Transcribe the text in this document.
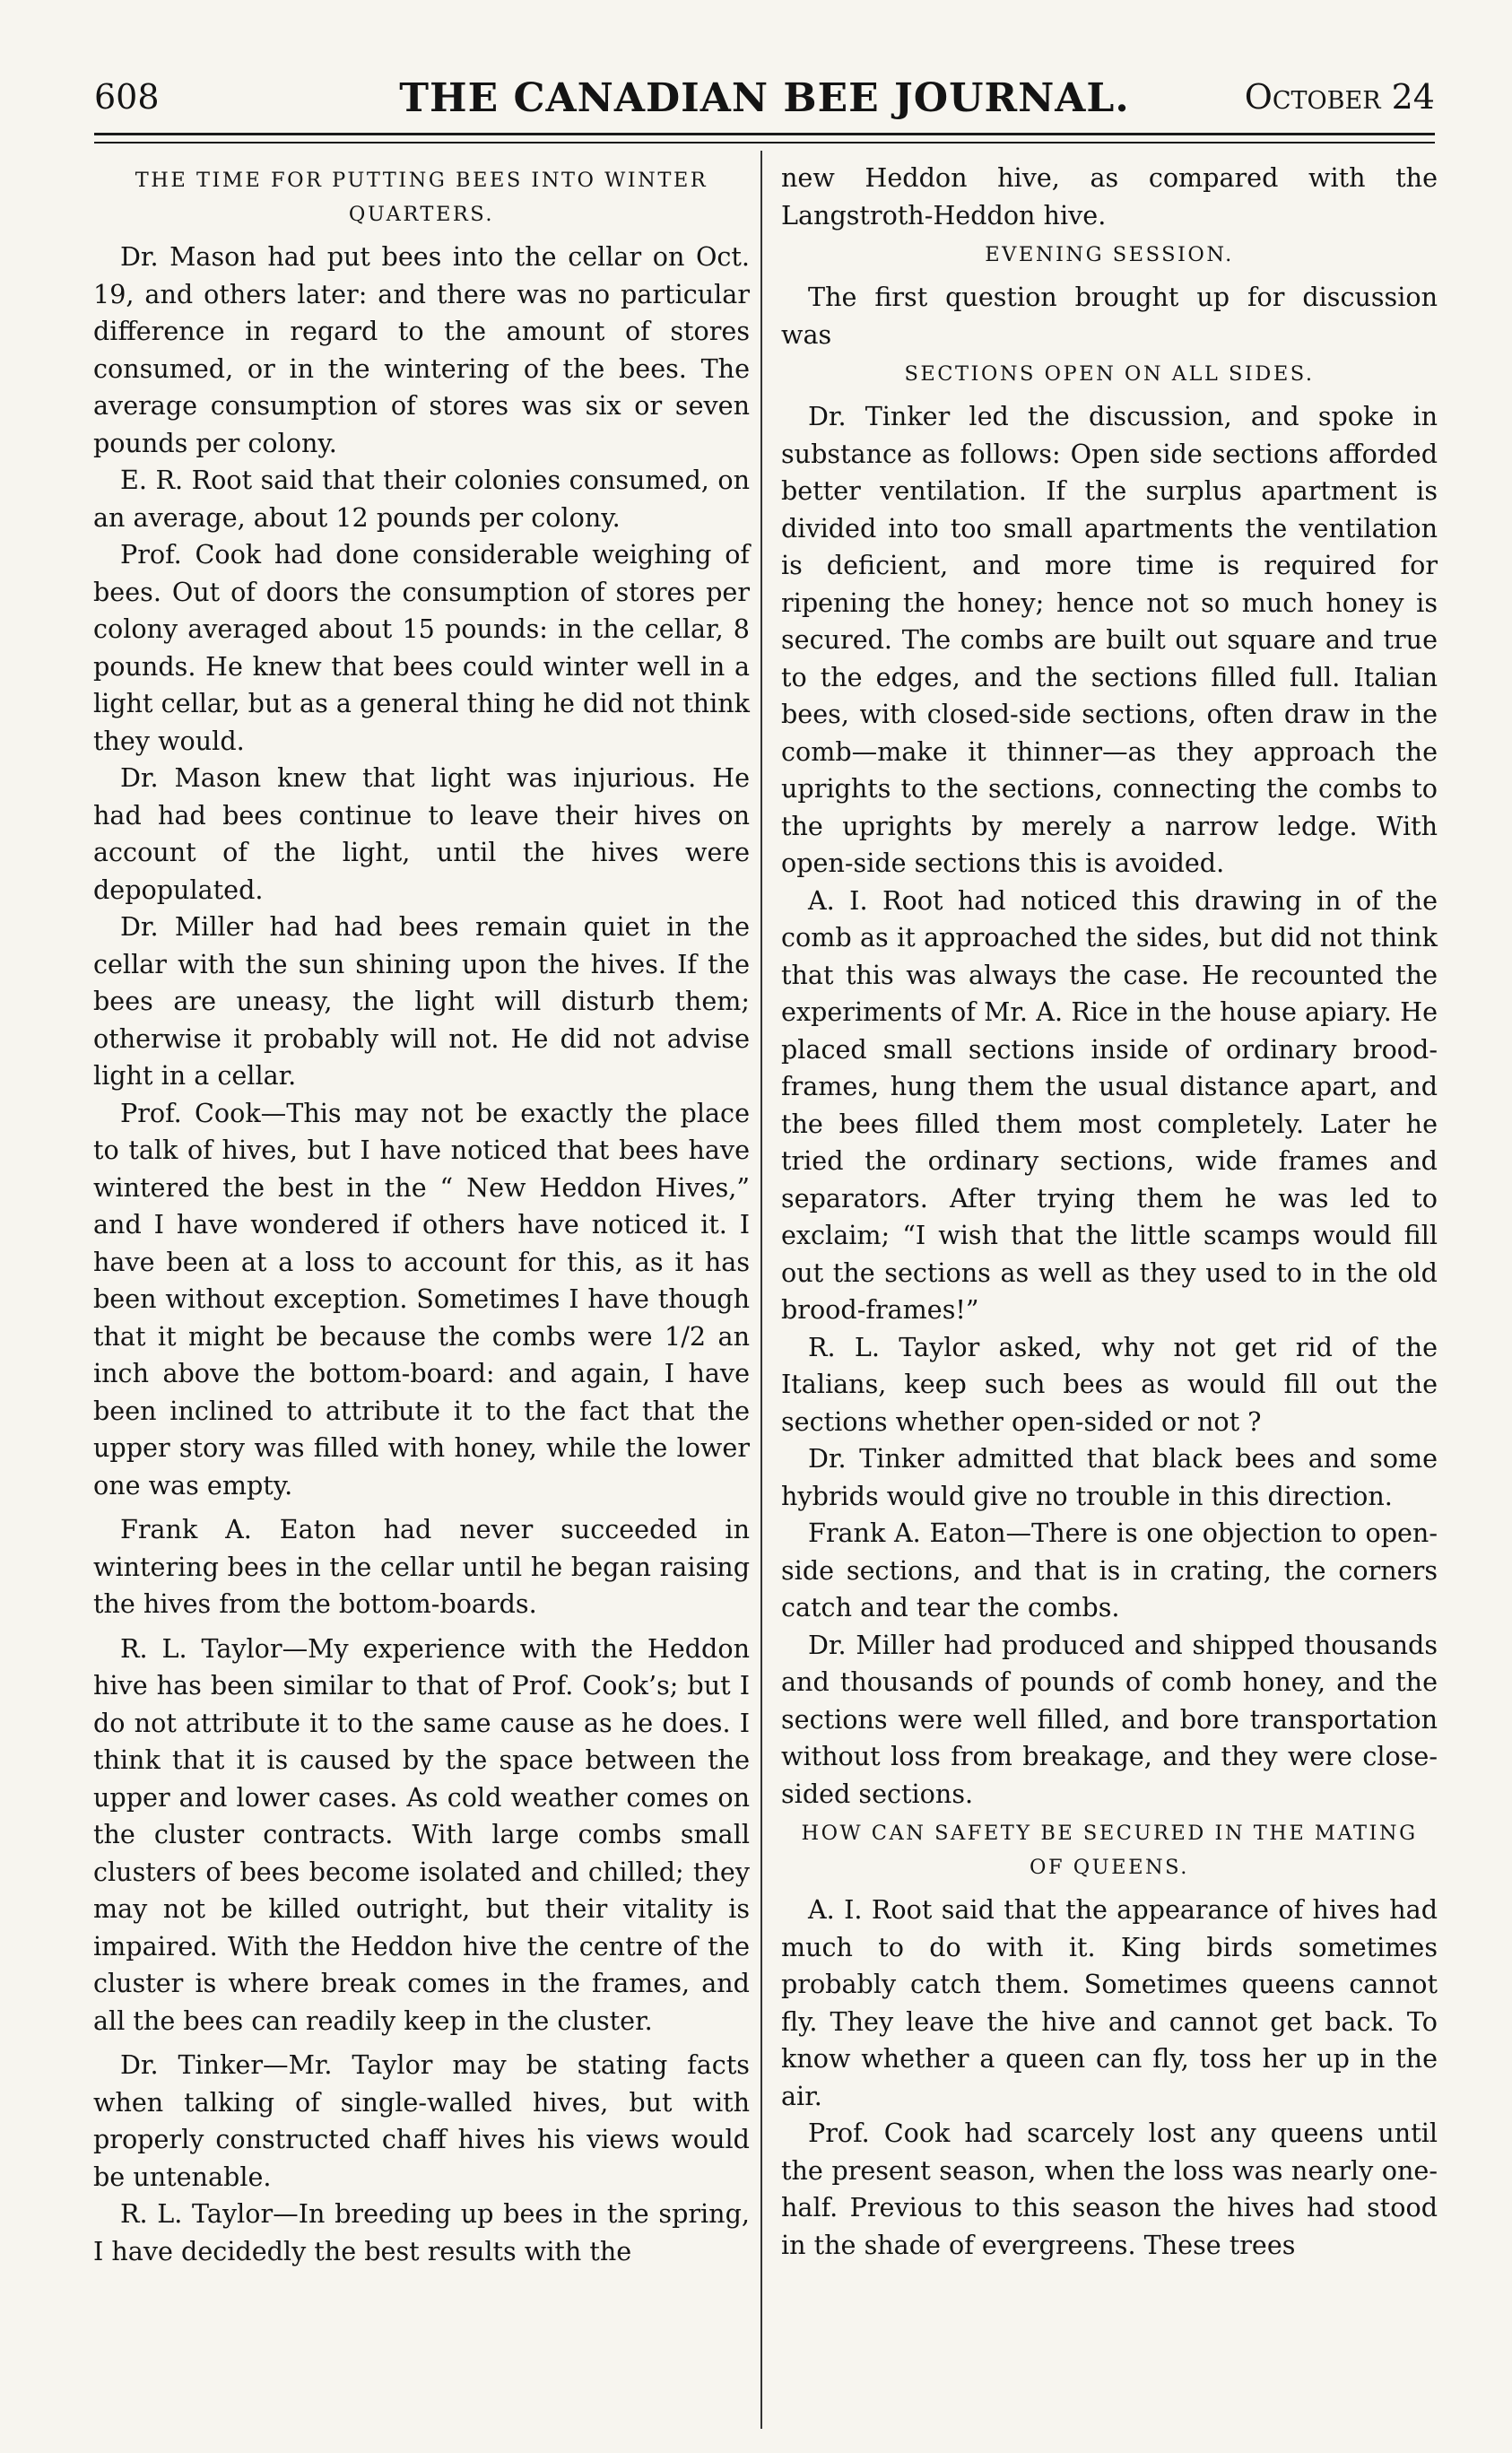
608	THE CANADIAN BEE JOURNAL.	October 24
THE TIME FOR PUTTING BEES INTO WINTER QUARTERS.

Dr. Mason had put bees into the cellar on Oct. 19, and others later: and there was no particular difference in regard to the amount of stores consumed, or in the wintering of the bees. The average consumption of stores was six or seven pounds per colony.

E. R. Root said that their colonies consumed, on an average, about 12 pounds per colony.

Prof. Cook had done considerable weighing of bees. Out of doors the consumption of stores per colony averaged about 15 pounds: in the cellar, 8 pounds. He knew that bees could winter well in a light cellar, but as a general thing he did not think they would.

Dr. Mason knew that light was injurious. He had had bees continue to leave their hives on account of the light, until the hives were depopulated.

Dr. Miller had had bees remain quiet in the cellar with the sun shining upon the hives. If the bees are uneasy, the light will disturb them; otherwise it probably will not. He did not advise light in a cellar.

Prof. Cook—This may not be exactly the place to talk of hives, but I have noticed that bees have wintered the best in the “ New Heddon Hives,” and I have wondered if others have noticed it. I have been at a loss to account for this, as it has been without exception. Sometimes I have though that it might be because the combs were 1/2 an inch above the bottom-board: and again, I have been inclined to attribute it to the fact that the upper story was filled with honey, while the lower one was empty.

Frank A. Eaton had never succeeded in wintering bees in the cellar until he began raising the hives from the bottom-boards.

R. L. Taylor—My experience with the Heddon hive has been similar to that of Prof. Cook’s; but I do not attribute it to the same cause as he does. I think that it is caused by the space between the upper and lower cases. As cold weather comes on the cluster contracts. With large combs small clusters of bees become isolated and chilled; they may not be killed outright, but their vitality is impaired. With the Heddon hive the centre of the cluster is where break comes in the frames, and all the bees can readily keep in the cluster.

Dr. Tinker—Mr. Taylor may be stating facts when talking of single-walled hives, but with properly constructed chaff hives his views would be untenable.

R. L. Taylor—In breeding up bees in the spring, I have decidedly the best results with the

new Heddon hive, as compared with the Langstroth-Heddon hive.

EVENING SESSION.

The first question brought up for discussion was

SECTIONS OPEN ON ALL SIDES.

Dr. Tinker led the discussion, and spoke in substance as follows: Open side sections afforded better ventilation. If the surplus apartment is divided into too small apartments the ventilation is deficient, and more time is required for ripening the honey; hence not so much honey is secured. The combs are built out square and true to the edges, and the sections filled full. Italian bees, with closed-side sections, often draw in the comb—make it thinner—as they approach the uprights to the sections, connecting the combs to the uprights by merely a narrow ledge. With open-side sections this is avoided.

A. I. Root had noticed this drawing in of the comb as it approached the sides, but did not think that this was always the case. He recounted the experiments of Mr. A. Rice in the house apiary. He placed small sections inside of ordinary brood-frames, hung them the usual distance apart, and the bees filled them most completely. Later he tried the ordinary sections, wide frames and separators. After trying them he was led to exclaim; “I wish that the little scamps would fill out the sections as well as they used to in the old brood-frames!”

R. L. Taylor asked, why not get rid of the Italians, keep such bees as would fill out the sections whether open-sided or not ?

Dr. Tinker admitted that black bees and some hybrids would give no trouble in this direction.

Frank A. Eaton—There is one objection to open-side sections, and that is in crating, the corners catch and tear the combs.

Dr. Miller had produced and shipped thousands and thousands of pounds of comb honey, and the sections were well filled, and bore transportation without loss from breakage, and they were close-sided sections.

HOW CAN SAFETY BE SECURED IN THE MATING OF QUEENS.

A. I. Root said that the appearance of hives had much to do with it. King birds sometimes probably catch them. Sometimes queens cannot fly. They leave the hive and cannot get back. To know whether a queen can fly, toss her up in the air.

Prof. Cook had scarcely lost any queens until the present season, when the loss was nearly one-half. Previous to this season the hives had stood in the shade of evergreens. These trees
